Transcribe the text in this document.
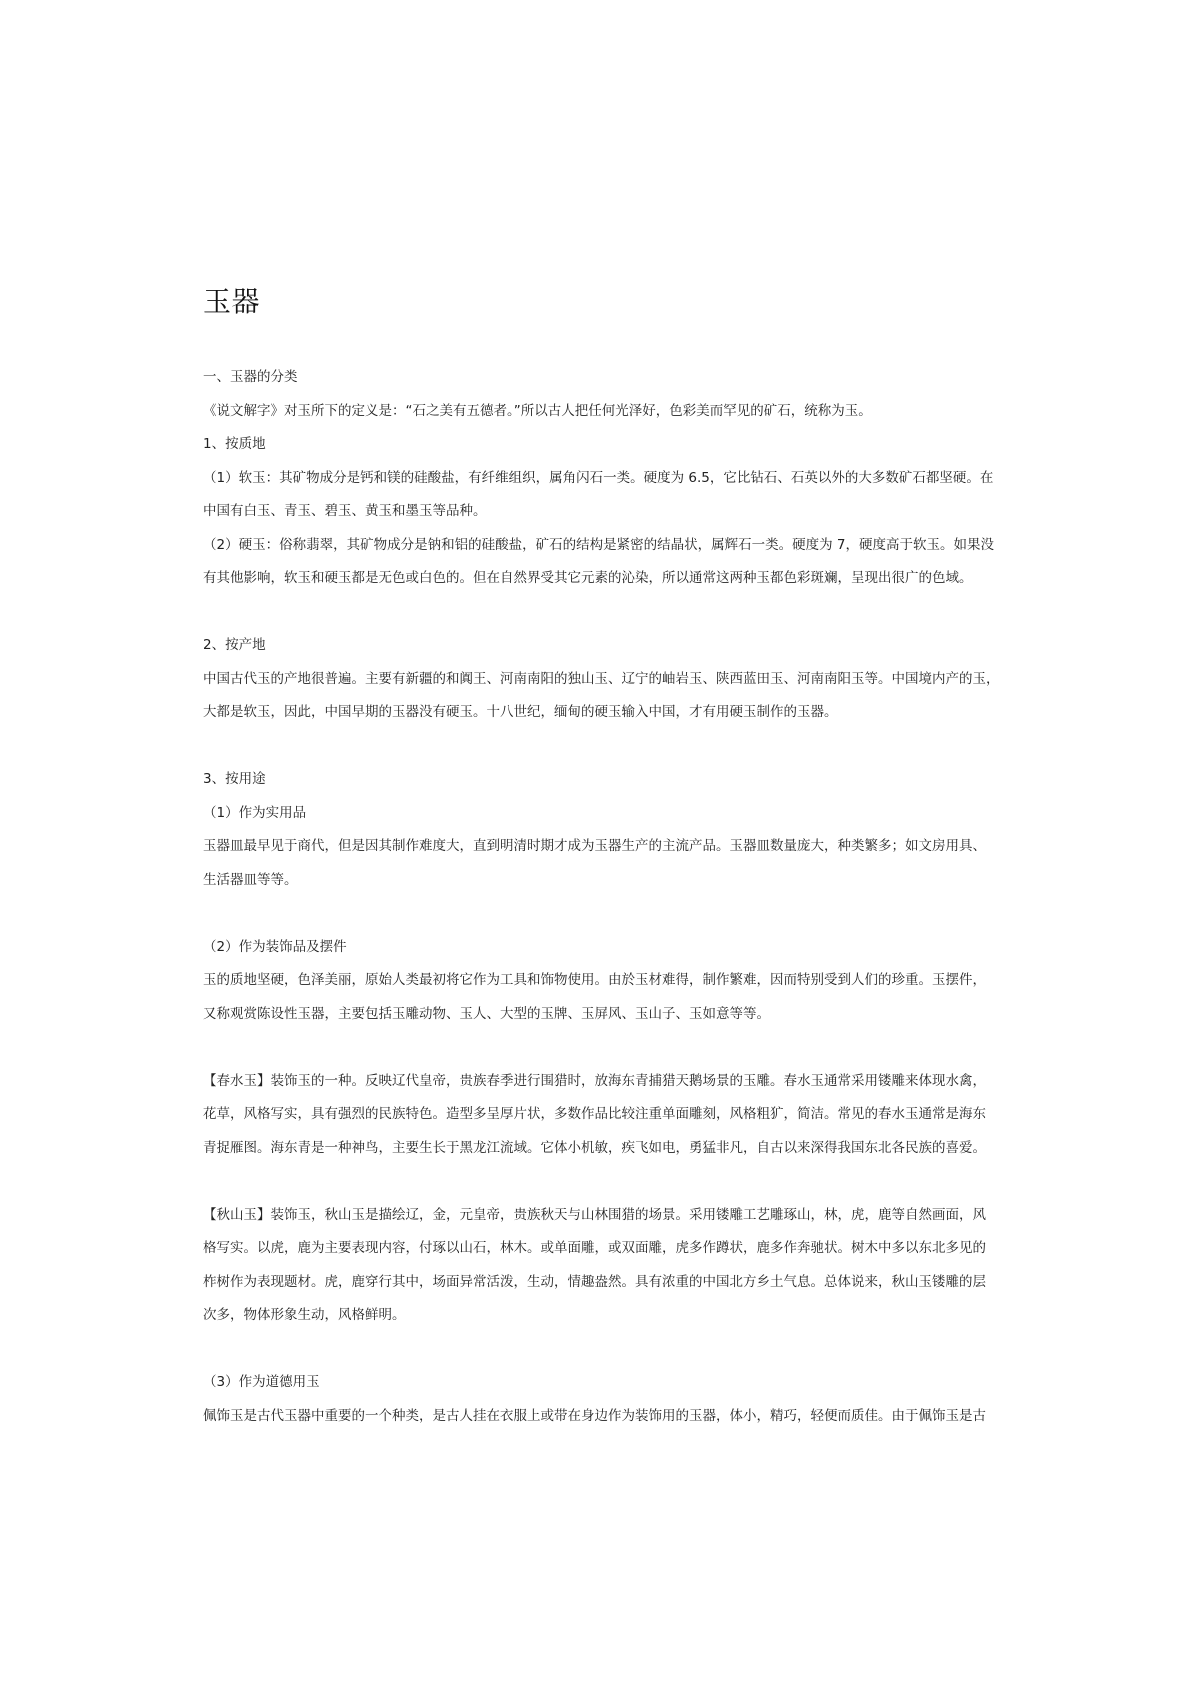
玉器
一、玉器的分类
《说文解字》对玉所下的定义是：“石之美有五德者。”所以古人把任何光泽好，色彩美而罕见的矿石，统称为玉。
1、按质地
（1）软玉：其矿物成分是钙和镁的硅酸盐，有纤维组织，属角闪石一类。硬度为 6.5，它比钻石、石英以外的大多数矿石都坚硬。在
中国有白玉、青玉、碧玉、黄玉和墨玉等品种。
（2）硬玉：俗称翡翠，其矿物成分是钠和铝的硅酸盐，矿石的结构是紧密的结晶状，属辉石一类。硬度为 7，硬度高于软玉。如果没
有其他影响，软玉和硬玉都是无色或白色的。但在自然界受其它元素的沁染，所以通常这两种玉都色彩斑斓，呈现出很广的色域。
2、按产地
中国古代玉的产地很普遍。主要有新疆的和阗王、河南南阳的独山玉、辽宁的岫岩玉、陕西蓝田玉、河南南阳玉等。中国境内产的玉，
大都是软玉，因此，中国早期的玉器没有硬玉。十八世纪，缅甸的硬玉输入中国，才有用硬玉制作的玉器。
3、按用途
（1）作为实用品
玉器皿最早见于商代，但是因其制作难度大，直到明清时期才成为玉器生产的主流产品。玉器皿数量庞大，种类繁多；如文房用具、
生活器皿等等。
（2）作为装饰品及摆件
玉的质地坚硬，色泽美丽，原始人类最初将它作为工具和饰物使用。由於玉材难得，制作繁难，因而特别受到人们的珍重。玉摆件，
又称观赏陈设性玉器，主要包括玉雕动物、玉人、大型的玉牌、玉屏风、玉山子、玉如意等等。
【春水玉】装饰玉的一种。反映辽代皇帝，贵族春季进行围猎时，放海东青捕猎天鹅场景的玉雕。春水玉通常采用镂雕来体现水禽，
花草，风格写实，具有强烈的民族特色。造型多呈厚片状，多数作品比较注重单面雕刻，风格粗犷，简洁。常见的春水玉通常是海东
青捉雁图。海东青是一种神鸟，主要生长于黑龙江流域。它体小机敏，疾飞如电，勇猛非凡，自古以来深得我国东北各民族的喜爱。
【秋山玉】装饰玉，秋山玉是描绘辽，金，元皇帝，贵族秋天与山林围猎的场景。采用镂雕工艺雕琢山，林，虎，鹿等自然画面，风
格写实。以虎，鹿为主要表现内容，付琢以山石，林木。或单面雕，或双面雕，虎多作蹲状，鹿多作奔驰状。树木中多以东北多见的
柞树作为表现题材。虎，鹿穿行其中，场面异常活泼，生动，情趣盎然。具有浓重的中国北方乡土气息。总体说来，秋山玉镂雕的层
次多，物体形象生动，风格鲜明。
（3）作为道德用玉
佩饰玉是古代玉器中重要的一个种类，是古人挂在衣服上或带在身边作为装饰用的玉器，体小，精巧，轻便而质佳。由于佩饰玉是古
